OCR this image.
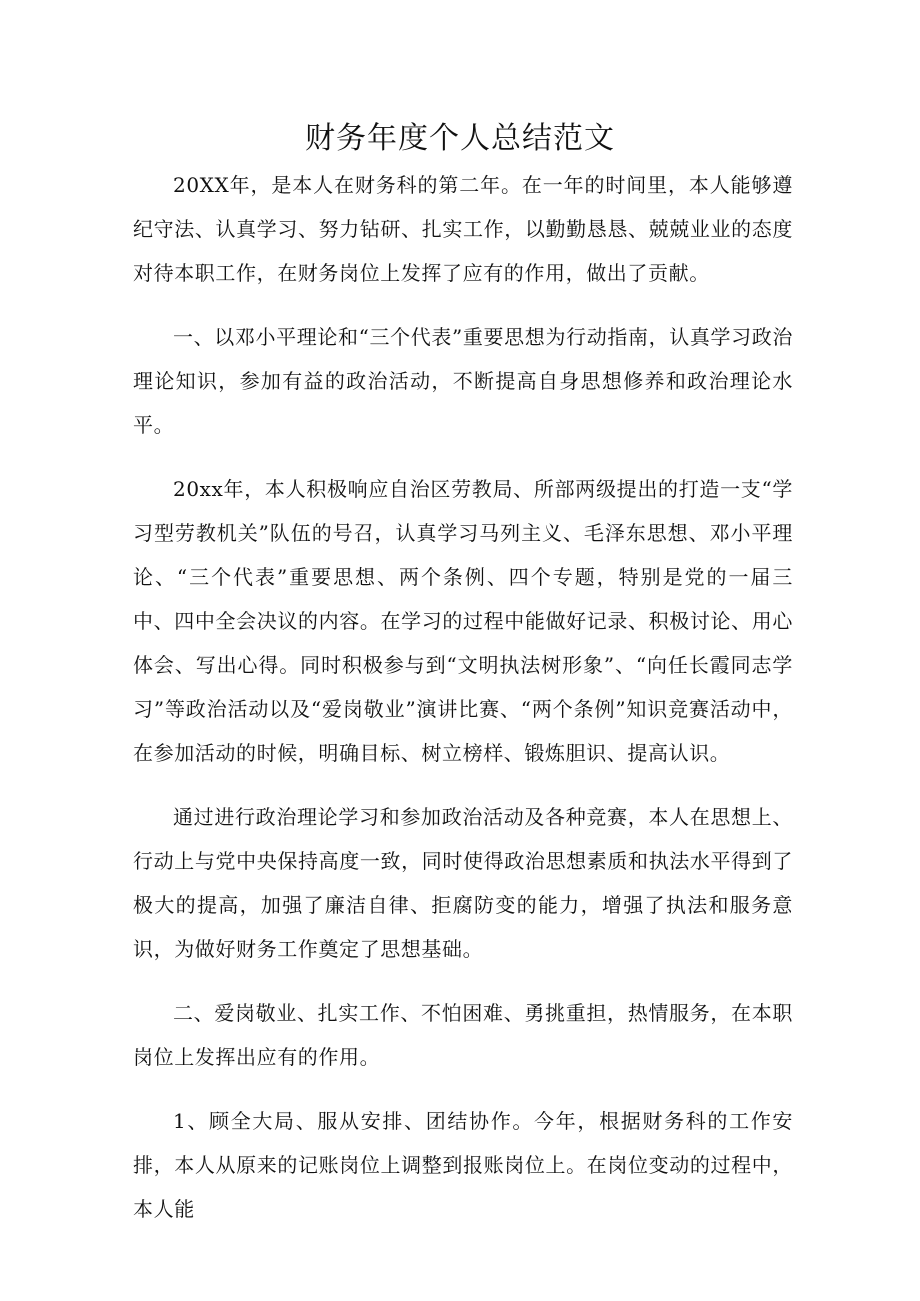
财务年度个人总结范文

20XX年，是本人在财务科的第二年。在一年的时间里，本人能够遵纪守法、认真学习、努力钻研、扎实工作，以勤勤恳恳、兢兢业业的态度对待本职工作，在财务岗位上发挥了应有的作用，做出了贡献。

一、以邓小平理论和“三个代表”重要思想为行动指南，认真学习政治理论知识，参加有益的政治活动，不断提高自身思想修养和政治理论水平。

20xx年，本人积极响应自治区劳教局、所部两级提出的打造一支“学习型劳教机关”队伍的号召，认真学习马列主义、毛泽东思想、邓小平理论、“三个代表”重要思想、两个条例、四个专题，特别是党的一届三中、四中全会决议的内容。在学习的过程中能做好记录、积极讨论、用心体会、写出心得。同时积极参与到“文明执法树形象”、“向任长霞同志学习”等政治活动以及“爱岗敬业”演讲比赛、“两个条例”知识竞赛活动中，在参加活动的时候，明确目标、树立榜样、锻炼胆识、提高认识。

通过进行政治理论学习和参加政治活动及各种竞赛，本人在思想上、行动上与党中央保持高度一致，同时使得政治思想素质和执法水平得到了极大的提高，加强了廉洁自律、拒腐防变的能力，增强了执法和服务意识，为做好财务工作奠定了思想基础。

二、爱岗敬业、扎实工作、不怕困难、勇挑重担，热情服务，在本职岗位上发挥出应有的作用。

1、顾全大局、服从安排、团结协作。今年，根据财务科的工作安排，本人从原来的记账岗位上调整到报账岗位上。在岗位变动的过程中，本人能
